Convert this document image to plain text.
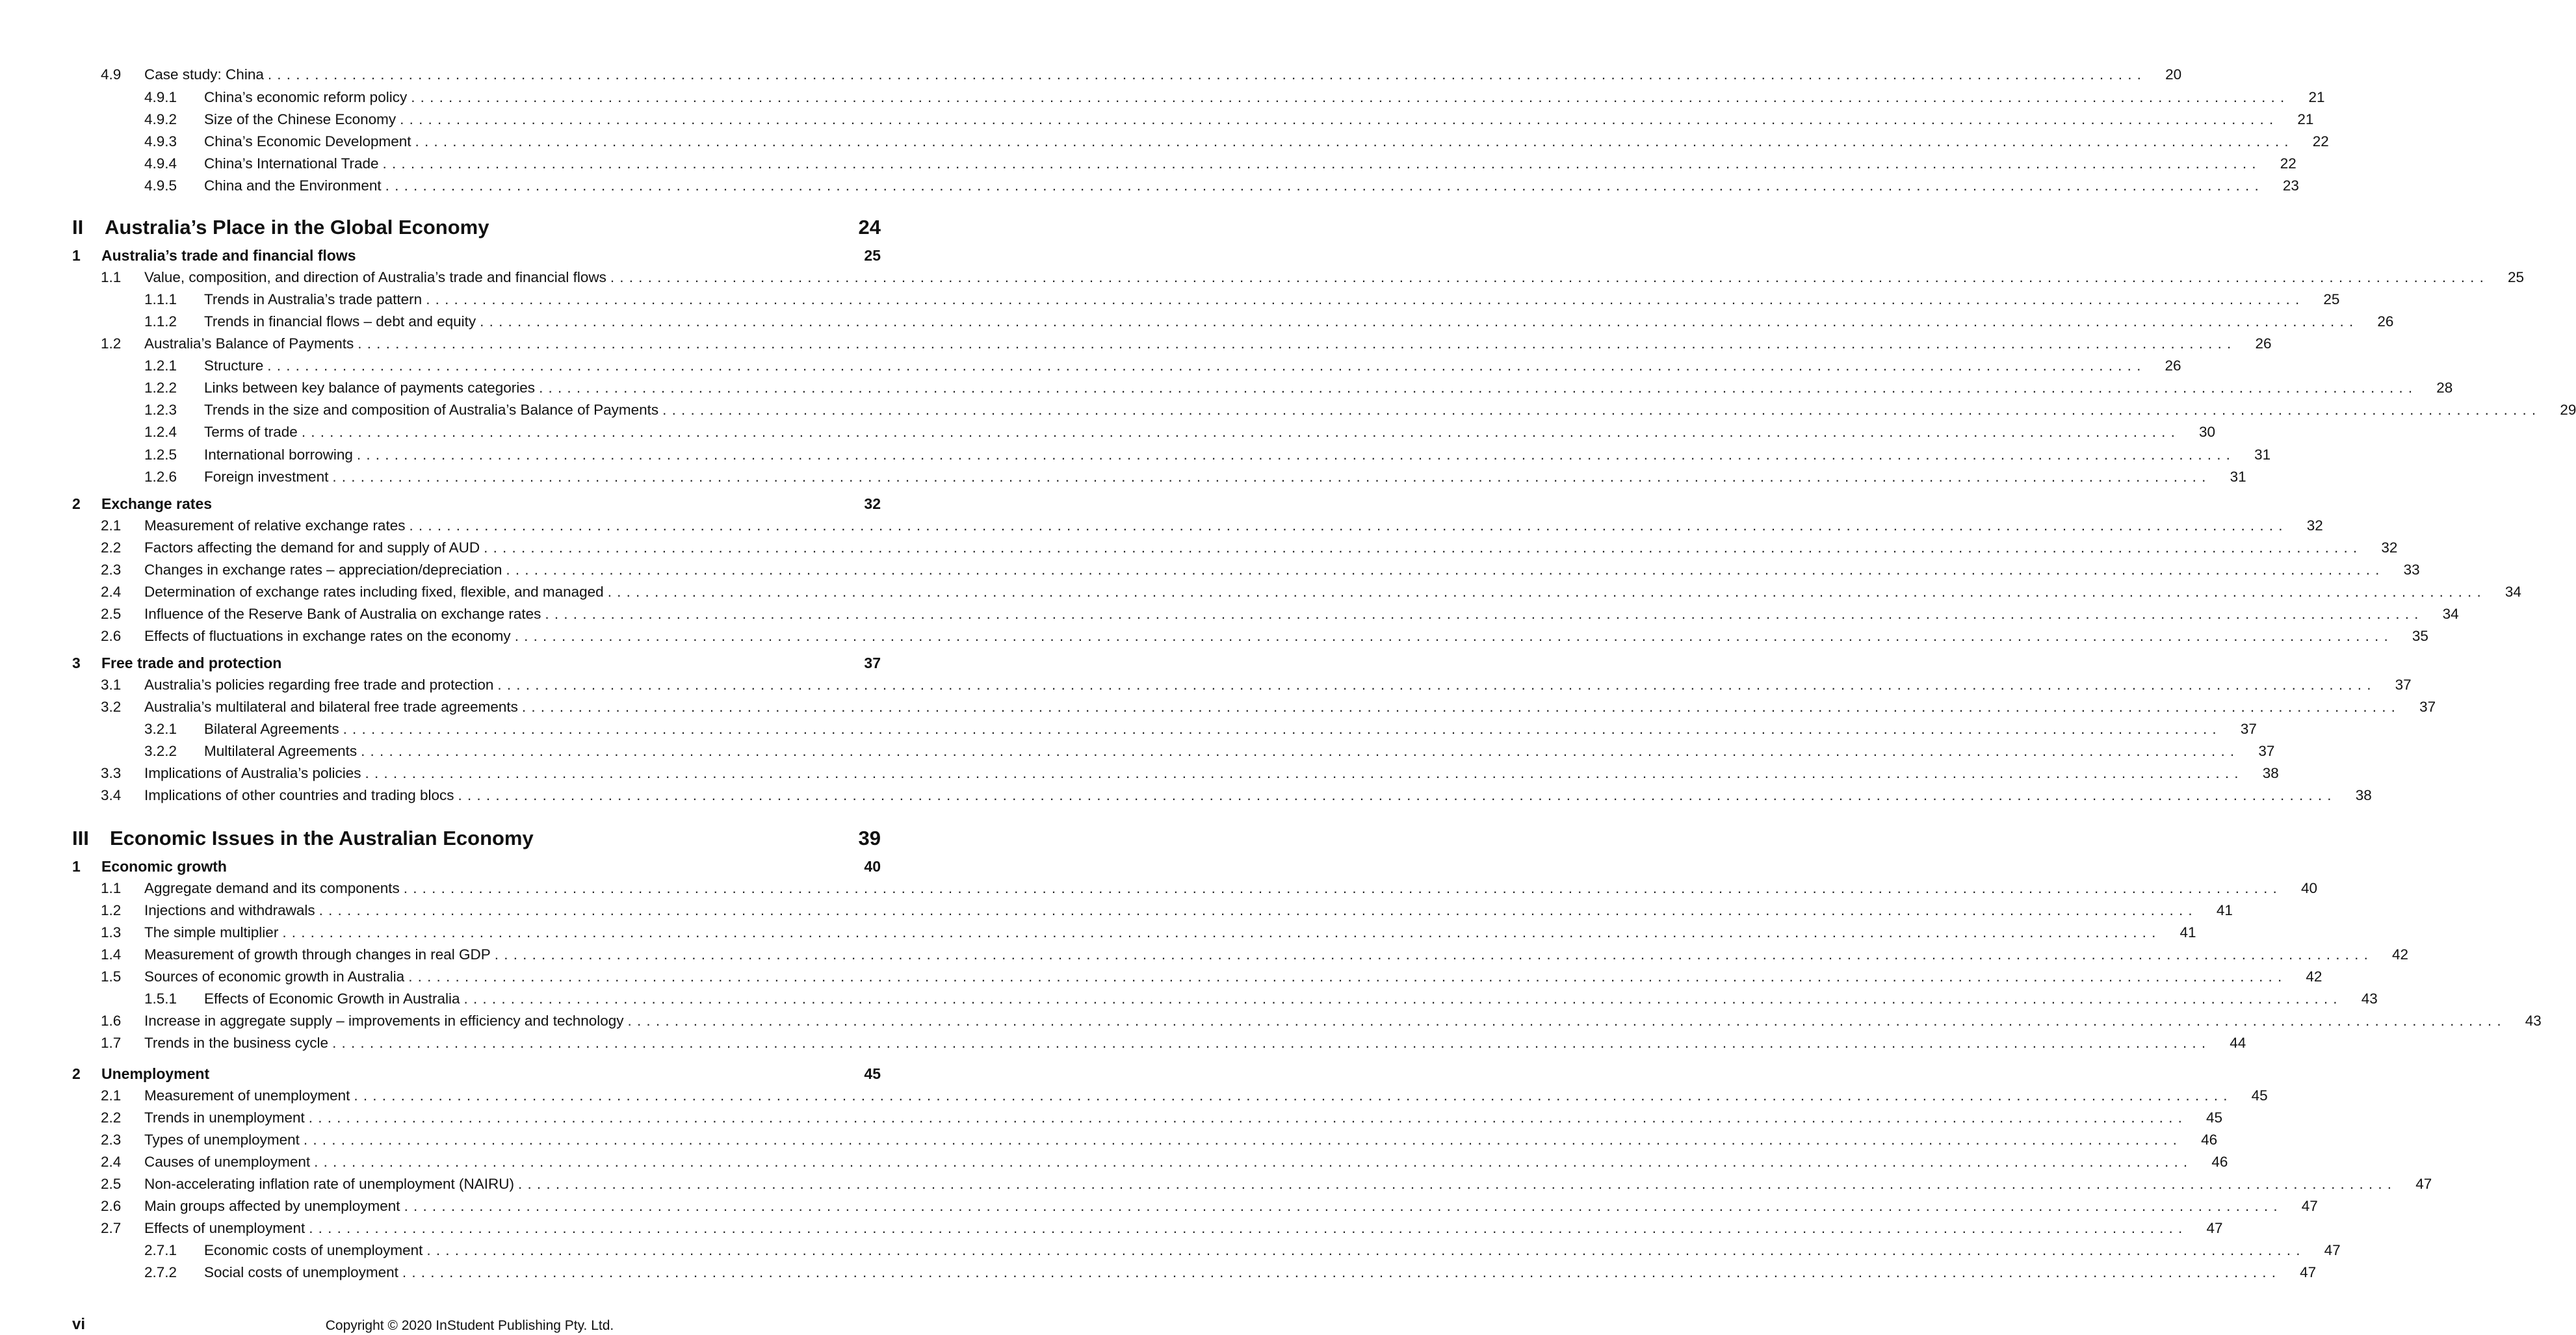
4.9	Case study: China ........................................................................................................................................................................................................	20
4.9.1	China’s economic reform policy ........................................................................................................................................................................................................	21
4.9.2	Size of the Chinese Economy ........................................................................................................................................................................................................	21
4.9.3	China’s Economic Development ........................................................................................................................................................................................................	22
4.9.4	China’s International Trade ........................................................................................................................................................................................................	22
4.9.5	China and the Environment ........................................................................................................................................................................................................	23
II	Australia’s Place in the Global Economy	24
1	Australia’s trade and financial flows	25
1.1	Value, composition, and direction of Australia’s trade and financial flows ........................................................................................................................................................................................................	25
1.1.1	Trends in Australia’s trade pattern ........................................................................................................................................................................................................	25
1.1.2	Trends in financial flows – debt and equity ........................................................................................................................................................................................................	26
1.2	Australia’s Balance of Payments ........................................................................................................................................................................................................	26
1.2.1	Structure ........................................................................................................................................................................................................	26
1.2.2	Links between key balance of payments categories ........................................................................................................................................................................................................	28
1.2.3	Trends in the size and composition of Australia’s Balance of Payments ........................................................................................................................................................................................................	29
1.2.4	Terms of trade ........................................................................................................................................................................................................	30
1.2.5	International borrowing ........................................................................................................................................................................................................	31
1.2.6	Foreign investment ........................................................................................................................................................................................................	31
2	Exchange rates	32
2.1	Measurement of relative exchange rates ........................................................................................................................................................................................................	32
2.2	Factors affecting the demand for and supply of AUD ........................................................................................................................................................................................................	32
2.3	Changes in exchange rates – appreciation/depreciation ........................................................................................................................................................................................................	33
2.4	Determination of exchange rates including fixed, flexible, and managed ........................................................................................................................................................................................................	34
2.5	Influence of the Reserve Bank of Australia on exchange rates ........................................................................................................................................................................................................	34
2.6	Effects of fluctuations in exchange rates on the economy ........................................................................................................................................................................................................	35
3	Free trade and protection	37
3.1	Australia’s policies regarding free trade and protection ........................................................................................................................................................................................................	37
3.2	Australia’s multilateral and bilateral free trade agreements ........................................................................................................................................................................................................	37
3.2.1	Bilateral Agreements ........................................................................................................................................................................................................	37
3.2.2	Multilateral Agreements ........................................................................................................................................................................................................	37
3.3	Implications of Australia’s policies ........................................................................................................................................................................................................	38
3.4	Implications of other countries and trading blocs ........................................................................................................................................................................................................	38
III	Economic Issues in the Australian Economy	39
1	Economic growth	40
1.1	Aggregate demand and its components ........................................................................................................................................................................................................	40
1.2	Injections and withdrawals ........................................................................................................................................................................................................	41
1.3	The simple multiplier ........................................................................................................................................................................................................	41
1.4	Measurement of growth through changes in real GDP ........................................................................................................................................................................................................	42
1.5	Sources of economic growth in Australia ........................................................................................................................................................................................................	42
1.5.1	Effects of Economic Growth in Australia ........................................................................................................................................................................................................	43
1.6	Increase in aggregate supply – improvements in efficiency and technology ........................................................................................................................................................................................................	43
1.7	Trends in the business cycle ........................................................................................................................................................................................................	44
2	Unemployment	45
2.1	Measurement of unemployment ........................................................................................................................................................................................................	45
2.2	Trends in unemployment ........................................................................................................................................................................................................	45
2.3	Types of unemployment ........................................................................................................................................................................................................	46
2.4	Causes of unemployment ........................................................................................................................................................................................................	46
2.5	Non-accelerating inflation rate of unemployment (NAIRU) ........................................................................................................................................................................................................	47
2.6	Main groups affected by unemployment ........................................................................................................................................................................................................	47
2.7	Effects of unemployment ........................................................................................................................................................................................................	47
2.7.1	Economic costs of unemployment ........................................................................................................................................................................................................	47
2.7.2	Social costs of unemployment ........................................................................................................................................................................................................	47
vi	Copyright © 2020 InStudent Publishing Pty. Ltd.
